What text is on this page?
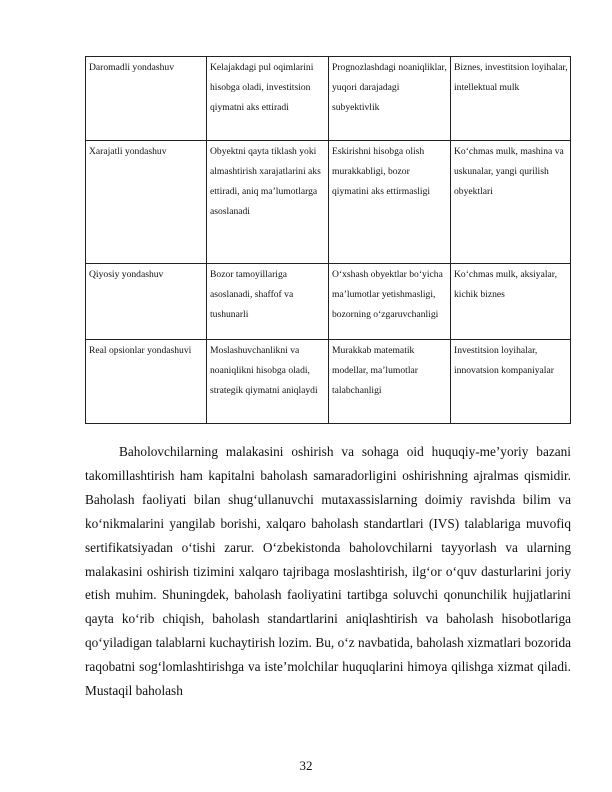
Daromadli yondashuv	Kelajakdagi pul oqimlarini hisobga oladi, investitsion qiymatni aks ettiradi	Prognozlashdagi noaniqliklar, yuqori darajadagi subyektivlik	Biznes, investitsion loyihalar, intellektual mulk

Xarajatli yondashuv	Obyektni qayta tiklash yoki almashtirish xarajatlarini aks ettiradi, aniq ma’lumotlarga asoslanadi	Eskirishni hisobga olish murakkabligi, bozor qiymatini aks ettirmasligi	Ko‘chmas mulk, mashina va uskunalar, yangi qurilish obyektlari

Qiyosiy yondashuv	Bozor tamoyillariga asoslanadi, shaffof va tushunarli	O‘xshash obyektlar bo‘yicha ma’lumotlar yetishmasligi, bozorning o‘zgaruvchanligi	Ko‘chmas mulk, aksiyalar, kichik biznes

Real opsionlar yondashuvi	Moslashuvchanlikni va noaniqlikni hisobga oladi, strategik qiymatni aniqlaydi	Murakkab matematik modellar, ma’lumotlar talabchanligi	Investitsion loyihalar, innovatsion kompaniyalar

Baholovchilarning malakasini oshirish va sohaga oid huquqiy-me’yoriy bazani takomillashtirish ham kapitalni baholash samaradorligini oshirishning ajralmas qismidir. Baholash faoliyati bilan shug‘ullanuvchi mutaxassislarning doimiy ravishda bilim va ko‘nikmalarini yangilab borishi, xalqaro baholash standartlari (IVS) talablariga muvofiq sertifikatsiyadan o‘tishi zarur. O‘zbekistonda baholovchilarni tayyorlash va ularning malakasini oshirish tizimini xalqaro tajribaga moslashtirish, ilg‘or o‘quv dasturlarini joriy etish muhim. Shuningdek, baholash faoliyatini tartibga soluvchi qonunchilik hujjatlarini qayta ko‘rib chiqish, baholash standartlarini aniqlashtirish va baholash hisobotlariga qo‘yiladigan talablarni kuchaytirish lozim. Bu, o‘z navbatida, baholash xizmatlari bozorida raqobatni sog‘lomlashtirishga va iste’molchilar huquqlarini himoya qilishga xizmat qiladi. Mustaqil baholash

32
